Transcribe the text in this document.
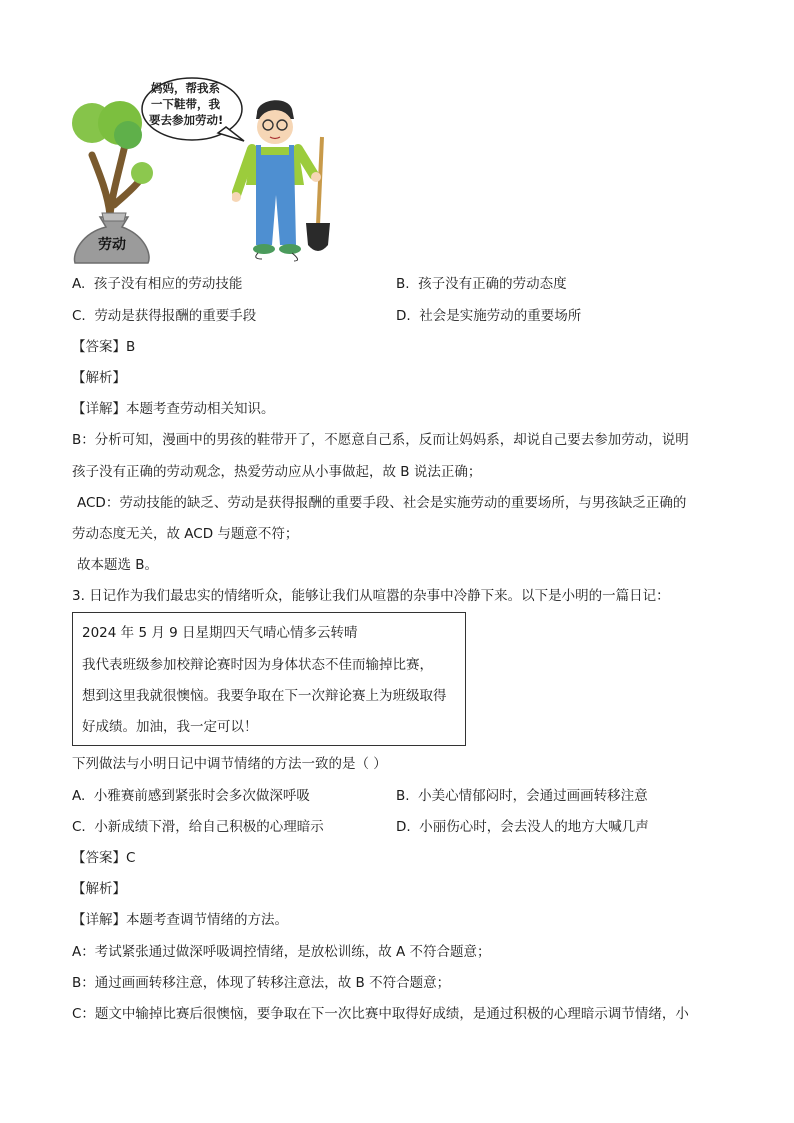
劳动
妈妈，帮我系
一下鞋带，我
要去参加劳动!
A. 孩子没有相应的劳动技能	B. 孩子没有正确的劳动态度
C. 劳动是获得报酬的重要手段	D. 社会是实施劳动的重要场所
【答案】B
【解析】
【详解】本题考查劳动相关知识。
B：分析可知，漫画中的男孩的鞋带开了，不愿意自己系，反而让妈妈系，却说自己要去参加劳动，说明
孩子没有正确的劳动观念，热爱劳动应从小事做起，故 B 说法正确；
ACD：劳动技能的缺乏、劳动是获得报酬的重要手段、社会是实施劳动的重要场所，与男孩缺乏正确的
劳动态度无关，故 ACD 与题意不符；
故本题选 B。
3. 日记作为我们最忠实的情绪听众，能够让我们从喧嚣的杂事中冷静下来。以下是小明的一篇日记：
2024 年 5 月 9 日星期四天气晴心情多云转晴
我代表班级参加校辩论赛时因为身体状态不佳而输掉比赛，
想到这里我就很懊恼。我要争取在下一次辩论赛上为班级取得
好成绩。加油，我一定可以！
下列做法与小明日记中调节情绪的方法一致的是（ ）
A. 小雅赛前感到紧张时会多次做深呼吸	B. 小美心情郁闷时，会通过画画转移注意
C. 小新成绩下滑，给自己积极的心理暗示	D. 小丽伤心时，会去没人的地方大喊几声
【答案】C
【解析】
【详解】本题考查调节情绪的方法。
A：考试紧张通过做深呼吸调控情绪，是放松训练，故 A 不符合题意；
B：通过画画转移注意，体现了转移注意法，故 B 不符合题意；
C：题文中输掉比赛后很懊恼，要争取在下一次比赛中取得好成绩，是通过积极的心理暗示调节情绪，小
